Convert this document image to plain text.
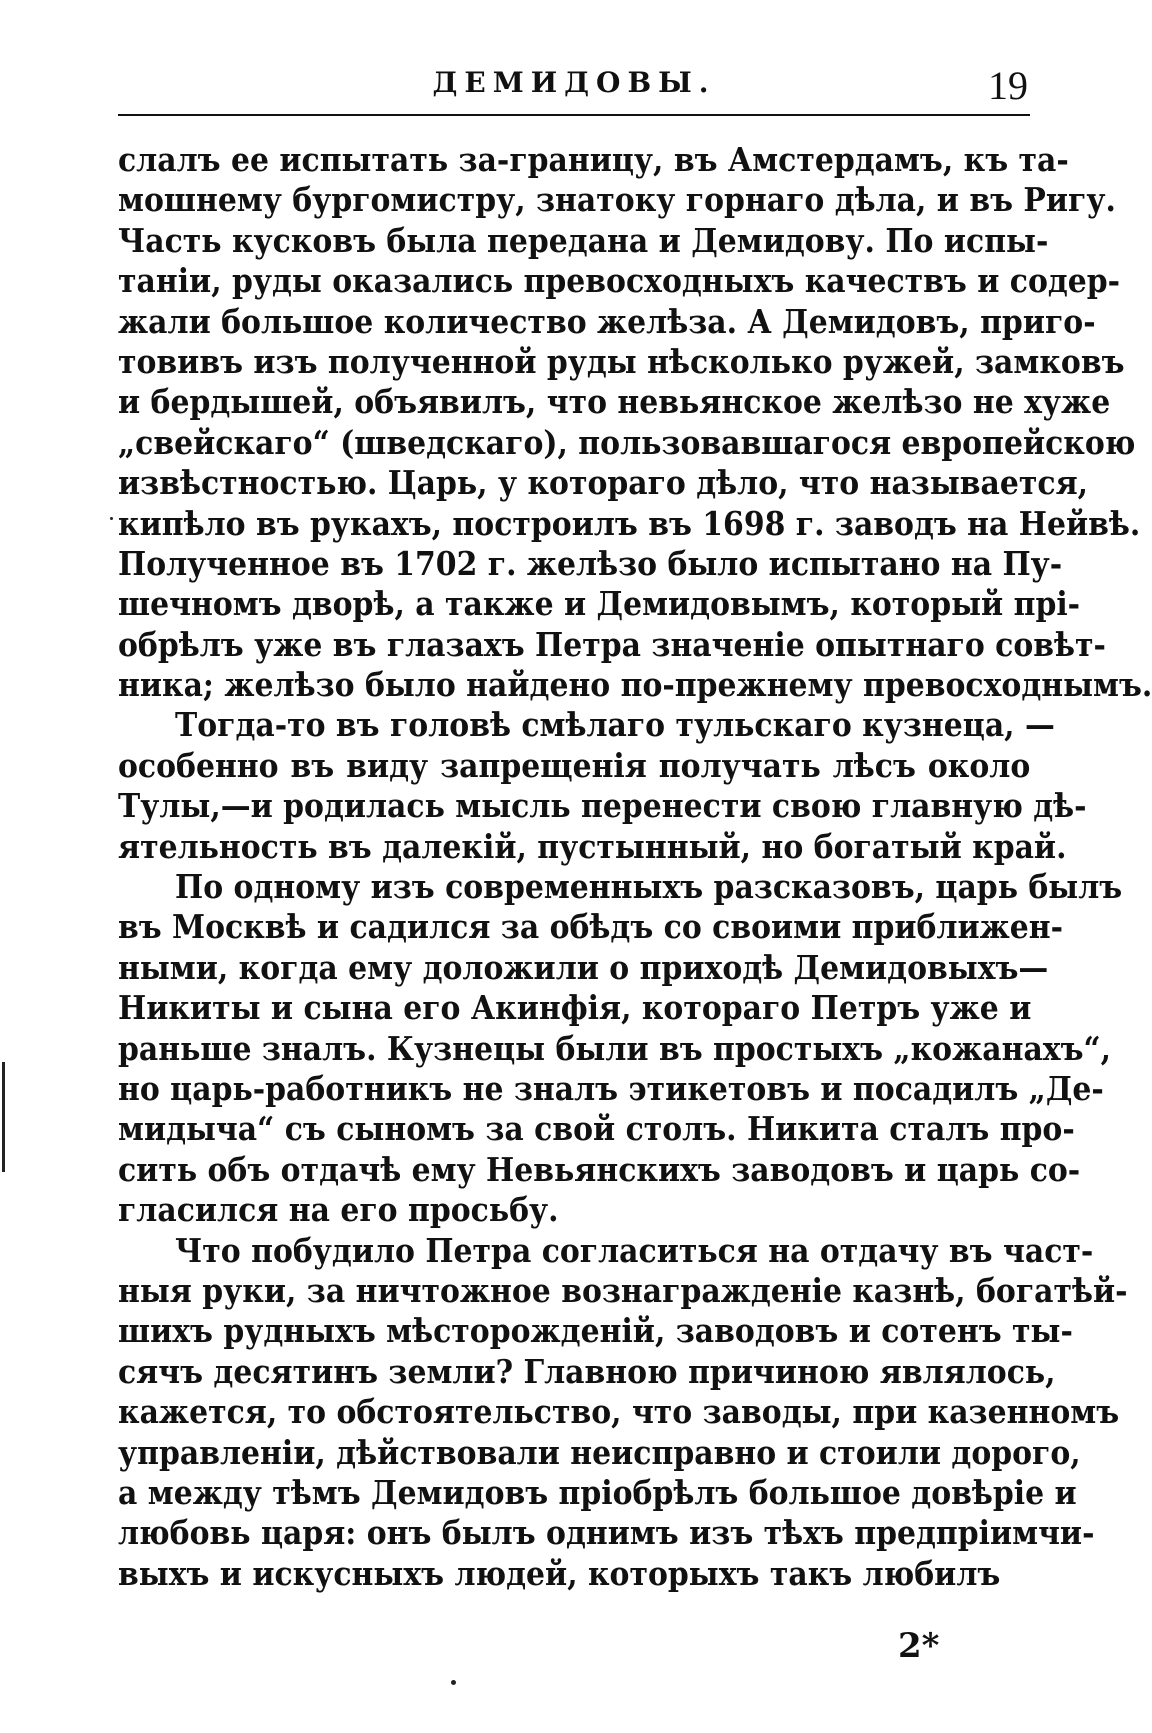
ДЕМИДОВЫ.	19
слалъ ее испытать за-границу, въ Амстердамъ, къ та-
мошнему бургомистру, знатоку горнаго дѣла, и въ Ригу.
Часть кусковъ была передана и Демидову. По испы-
таніи, руды оказались превосходныхъ качествъ и содер-
жали большое количество желѣза. А Демидовъ, приго-
товивъ изъ полученной руды нѣсколько ружей, замковъ
и бердышей, объявилъ, что невьянское желѣзо не хуже
„свейскаго“ (шведскаго), пользовавшагося европейскою
извѣстностью. Царь, у котораго дѣло, что называется,
кипѣло въ рукахъ, построилъ въ 1698 г. заводъ на Нейвѣ.
Полученное въ 1702 г. желѣзо было испытано на Пу-
шечномъ дворѣ, а также и Демидовымъ, который прі-
обрѣлъ уже въ глазахъ Петра значеніе опытнаго совѣт-
ника; желѣзо было найдено по-прежнему превосходнымъ.
Тогда-то въ головѣ смѣлаго тульскаго кузнеца, —
особенно въ виду запрещенія получать лѣсъ около
Тулы,—и родилась мысль перенести свою главную дѣ-
ятельность въ далекій, пустынный, но богатый край.
По одному изъ современныхъ разсказовъ, царь былъ
въ Москвѣ и садился за обѣдъ со своими приближен-
ными, когда ему доложили о приходѣ Демидовыхъ—
Никиты и сына его Акинфія, котораго Петръ уже и
раньше зналъ. Кузнецы были въ простыхъ „кожанахъ“,
но царь-работникъ не зналъ этикетовъ и посадилъ „Де-
мидыча“ съ сыномъ за свой столъ. Никита сталъ про-
сить объ отдачѣ ему Невьянскихъ заводовъ и царь со-
гласился на его просьбу.
Что побудило Петра согласиться на отдачу въ част-
ныя руки, за ничтожное вознагражденіе казнѣ, богатѣй-
шихъ рудныхъ мѣсторожденій, заводовъ и сотенъ ты-
сячъ десятинъ земли? Главною причиною являлось,
кажется, то обстоятельство, что заводы, при казенномъ
управленіи, дѣйствовали неисправно и стоили дорого,
а между тѣмъ Демидовъ пріобрѣлъ большое довѣріе и
любовь царя: онъ былъ однимъ изъ тѣхъ предпріимчи-
выхъ и искусныхъ людей, которыхъ такъ любилъ
2*
